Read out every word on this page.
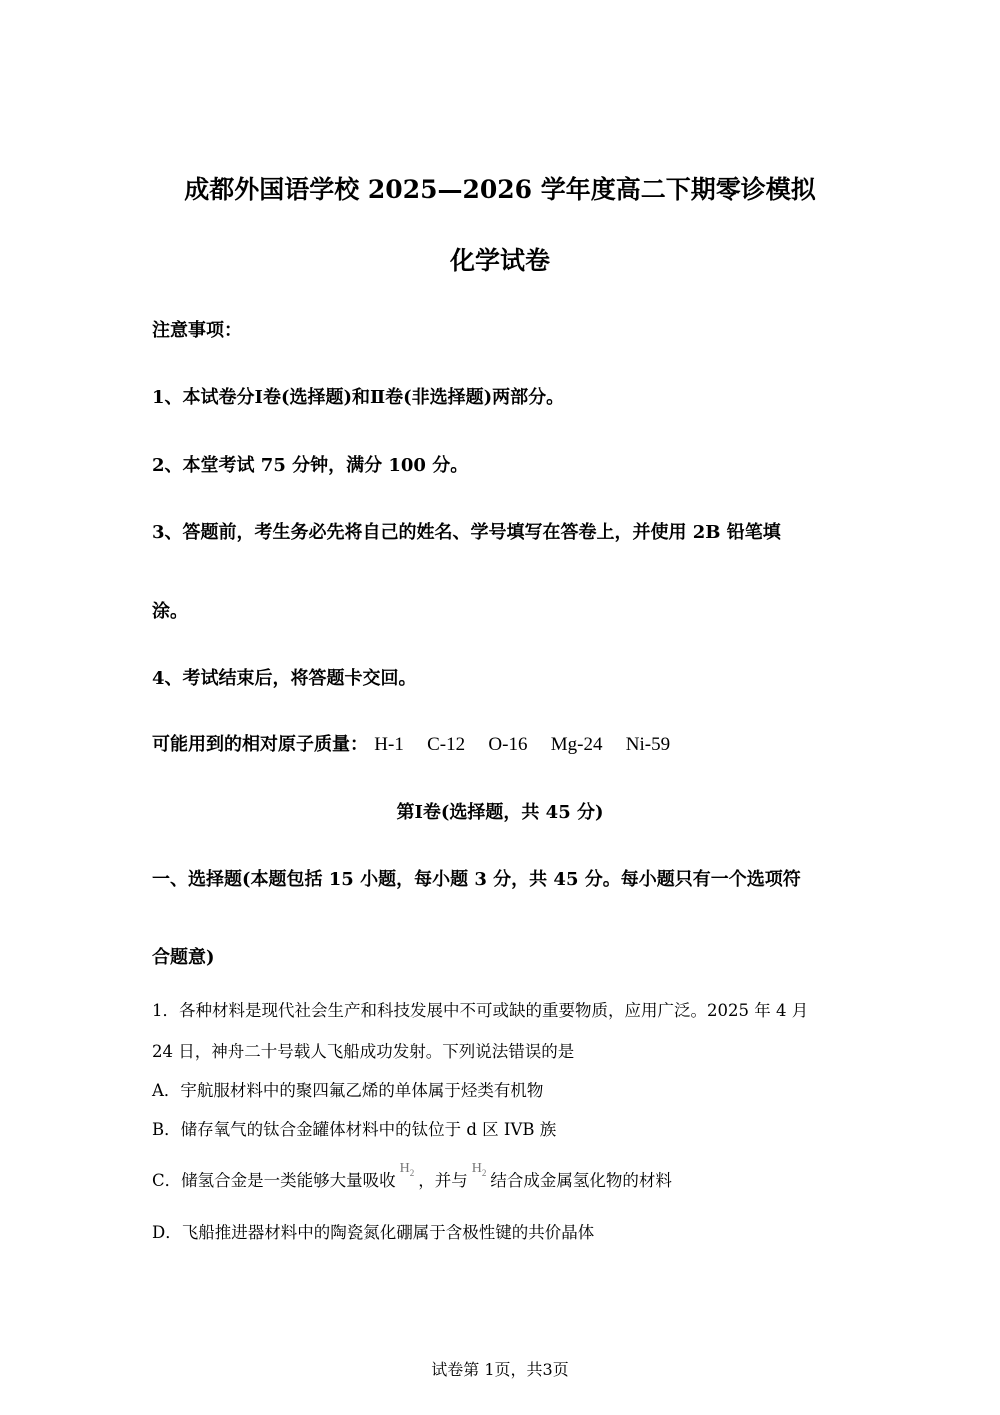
成都外国语学校 2025—2026 学年度高二下期零诊模拟
化学试卷

注意事项：

1、本试卷分Ⅰ卷(选择题)和Ⅱ卷(非选择题)两部分。

2、本堂考试 75 分钟，满分 100 分。

3、答题前，考生务必先将自己的姓名、学号填写在答卷上，并使用 2B 铅笔填

涂。

4、考试结束后，将答题卡交回。

可能用到的相对原子质量： H-1 C-12 O-16 Mg-24 Ni-59

第Ⅰ卷(选择题，共 45 分)

一、选择题(本题包括 15 小题，每小题 3 分，共 45 分。每小题只有一个选项符

合题意)

1．各种材料是现代社会生产和科技发展中不可或缺的重要物质，应用广泛。2025 年 4 月

24 日，神舟二十号载人飞船成功发射。下列说法错误的是

A．宇航服材料中的聚四氟乙烯的单体属于烃类有机物

B．储存氧气的钛合金罐体材料中的钛位于 d 区 IVB 族

C．储氢合金是一类能够大量吸收$H_2$ ，并与$H_2$ 结合成金属氢化物的材料

D．飞船推进器材料中的陶瓷氮化硼属于含极性键的共价晶体

试卷第 1页，共3页
